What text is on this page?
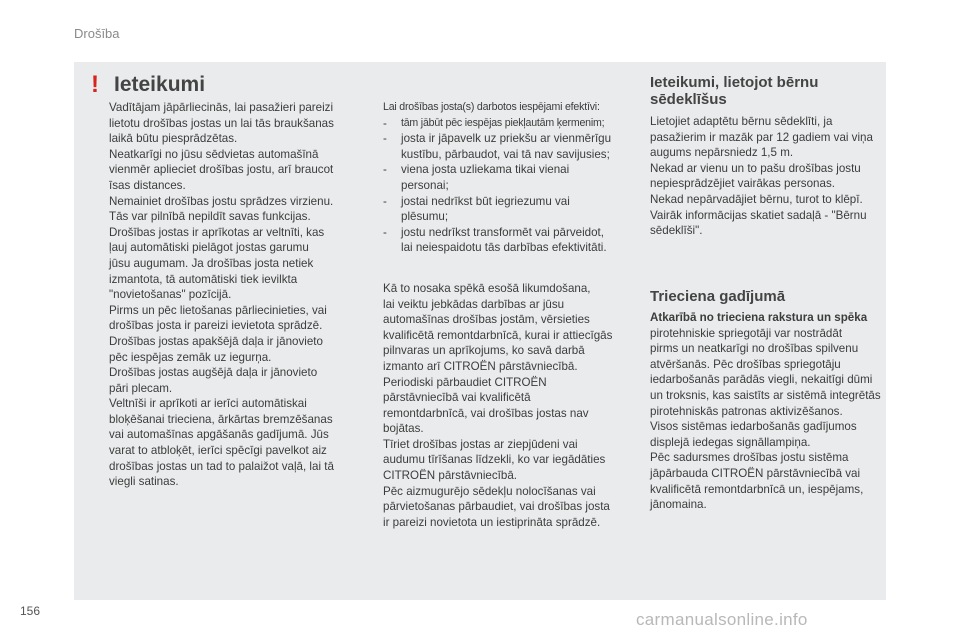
Drošība
! Ieteikumi
Vadītājam jāpārliecinās, lai pasažieri pareizi
lietotu drošības jostas un lai tās braukšanas
laikā būtu piesprādzētas.
Neatkarīgi no jūsu sēdvietas automašīnā
vienmēr aplieciet drošības jostu, arī braucot
īsas distances.
Nemainiet drošības jostu sprādzes virzienu.
Tās var pilnībā nepildīt savas funkcijas.
Drošības jostas ir aprīkotas ar veltnīti, kas
ļauj automātiski pielāgot jostas garumu
jūsu augumam. Ja drošības josta netiek
izmantota, tā automātiski tiek ievilkta
"novietošanas" pozīcijā.
Pirms un pēc lietošanas pārliecinieties, vai
drošības josta ir pareizi ievietota sprādzē.
Drošības jostas apakšējā daļa ir jānovieto
pēc iespējas zemāk uz iegurņa.
Drošības jostas augšējā daļa ir jānovieto
pāri plecam.
Veltnīši ir aprīkoti ar ierīci automātiskai
bloķēšanai trieciena, ārkārtas bremzēšanas
vai automašīnas apgāšanās gadījumā. Jūs
varat to atbloķēt, ierīci spēcīgi pavelkot aiz
drošības jostas un tad to palaižot vaļā, lai tā
viegli satinas.
Lai drošības josta(s) darbotos iespējami efektīvi:
-	tām jābūt pēc iespējas piekļautām ķermenim;
-	josta ir jāpavelk uz priekšu ar vienmērīgu
kustību, pārbaudot, vai tā nav savijusies;
-	viena josta uzliekama tikai vienai
personai;
-	jostai nedrīkst būt iegriezumu vai
plēsumu;
-	jostu nedrīkst transformēt vai pārveidot,
lai neiespaidotu tās darbības efektivitāti.
Kā to nosaka spēkā esošā likumdošana,
lai veiktu jebkādas darbības ar jūsu
automašīnas drošības jostām, vērsieties
kvalificētā remontdarbnīcā, kurai ir attiecīgās
pilnvaras un aprīkojums, ko savā darbā
izmanto arī CITROËN pārstāvniecībā.
Periodiski pārbaudiet CITROËN
pārstāvniecībā vai kvalificētā
remontdarbnīcā, vai drošības jostas nav
bojātas.
Tīriet drošības jostas ar ziepjūdeni vai
audumu tīrīšanas līdzekli, ko var iegādāties
CITROËN pārstāvniecībā.
Pēc aizmugurējo sēdekļu nolocīšanas vai
pārvietošanas pārbaudiet, vai drošības josta
ir pareizi novietota un iestiprināta sprādzē.
Ieteikumi, lietojot bērnu sēdeklīšus
Lietojiet adaptētu bērnu sēdeklīti, ja
pasažierim ir mazāk par 12 gadiem vai viņa
augums nepārsniedz 1,5 m.
Nekad ar vienu un to pašu drošības jostu
nepiesprādzējiet vairākas personas.
Nekad nepārvadājiet bērnu, turot to klēpī.
Vairāk informācijas skatiet sadaļā - "Bērnu
sēdeklīši".
Trieciena gadījumā
Atkarībā no trieciena rakstura un spēka
pirotehniskie spriegotāji var nostrādāt
pirms un neatkarīgi no drošības spilvenu
atvēršanās. Pēc drošības spriegotāju
iedarbošanās parādās viegli, nekaitīgi dūmi
un troksnis, kas saistīts ar sistēmā integrētās
pirotehniskās patronas aktivizēšanos.
Visos sistēmas iedarbošanās gadījumos
displejā iedegas signāllampiņa.
Pēc sadursmes drošības jostu sistēma
jāpārbauda CITROËN pārstāvniecībā vai
kvalificētā remontdarbnīcā un, iespējams,
jānomaina.
156	carmanualsonline.info
